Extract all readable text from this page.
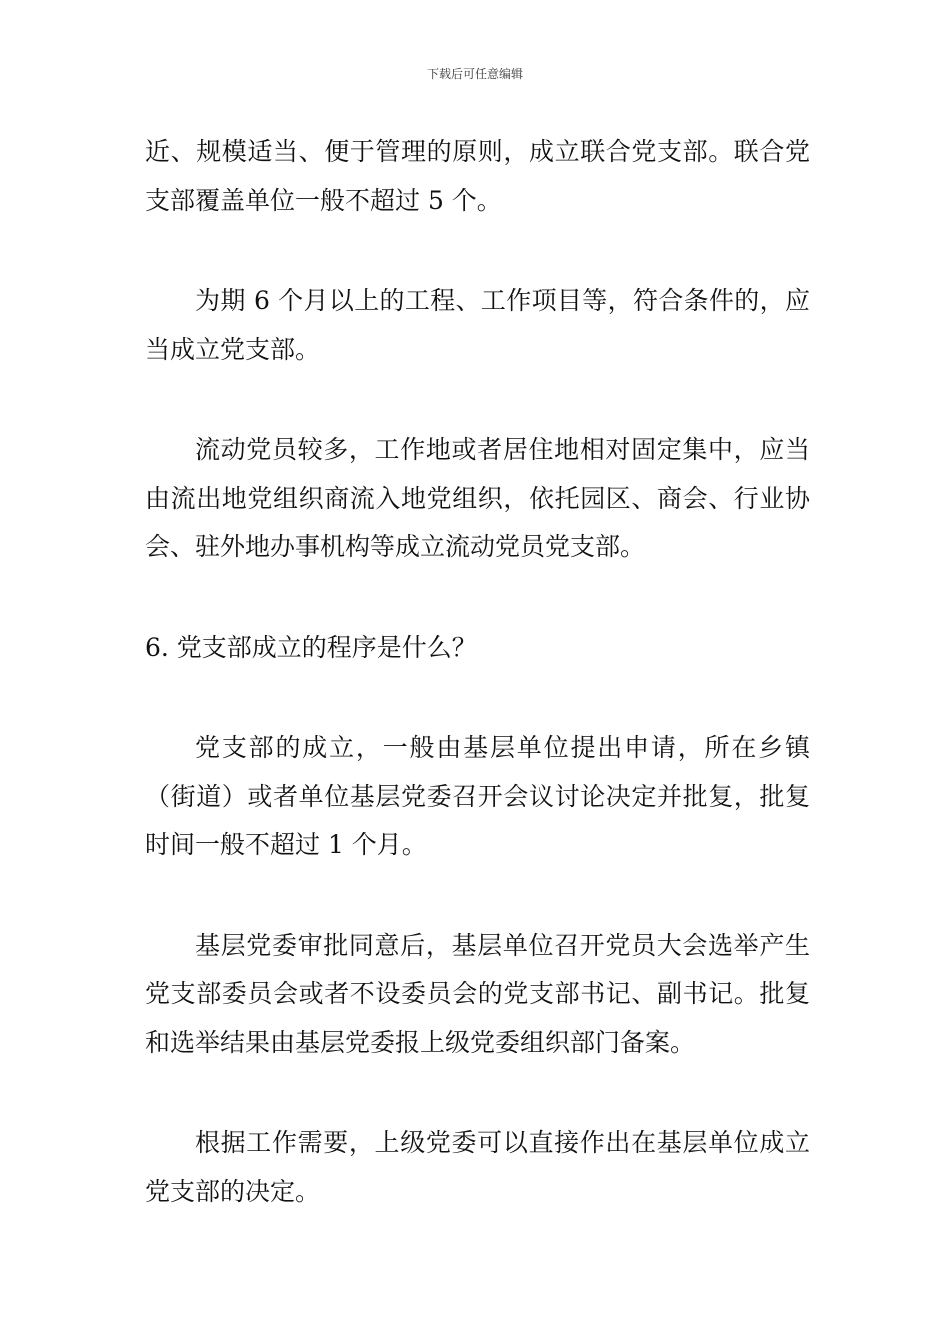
下载后可任意编辑

近、规模适当、便于管理的原则，成立联合党支部。联合党支部覆盖单位一般不超过 5 个。

为期 6 个月以上的工程、工作项目等，符合条件的，应当成立党支部。

流动党员较多，工作地或者居住地相对固定集中，应当由流出地党组织商流入地党组织，依托园区、商会、行业协会、驻外地办事机构等成立流动党员党支部。

6. 党支部成立的程序是什么？

党支部的成立，一般由基层单位提出申请，所在乡镇（街道）或者单位基层党委召开会议讨论决定并批复，批复时间一般不超过 1 个月。

基层党委审批同意后，基层单位召开党员大会选举产生党支部委员会或者不设委员会的党支部书记、副书记。批复和选举结果由基层党委报上级党委组织部门备案。

根据工作需要，上级党委可以直接作出在基层单位成立党支部的决定。
